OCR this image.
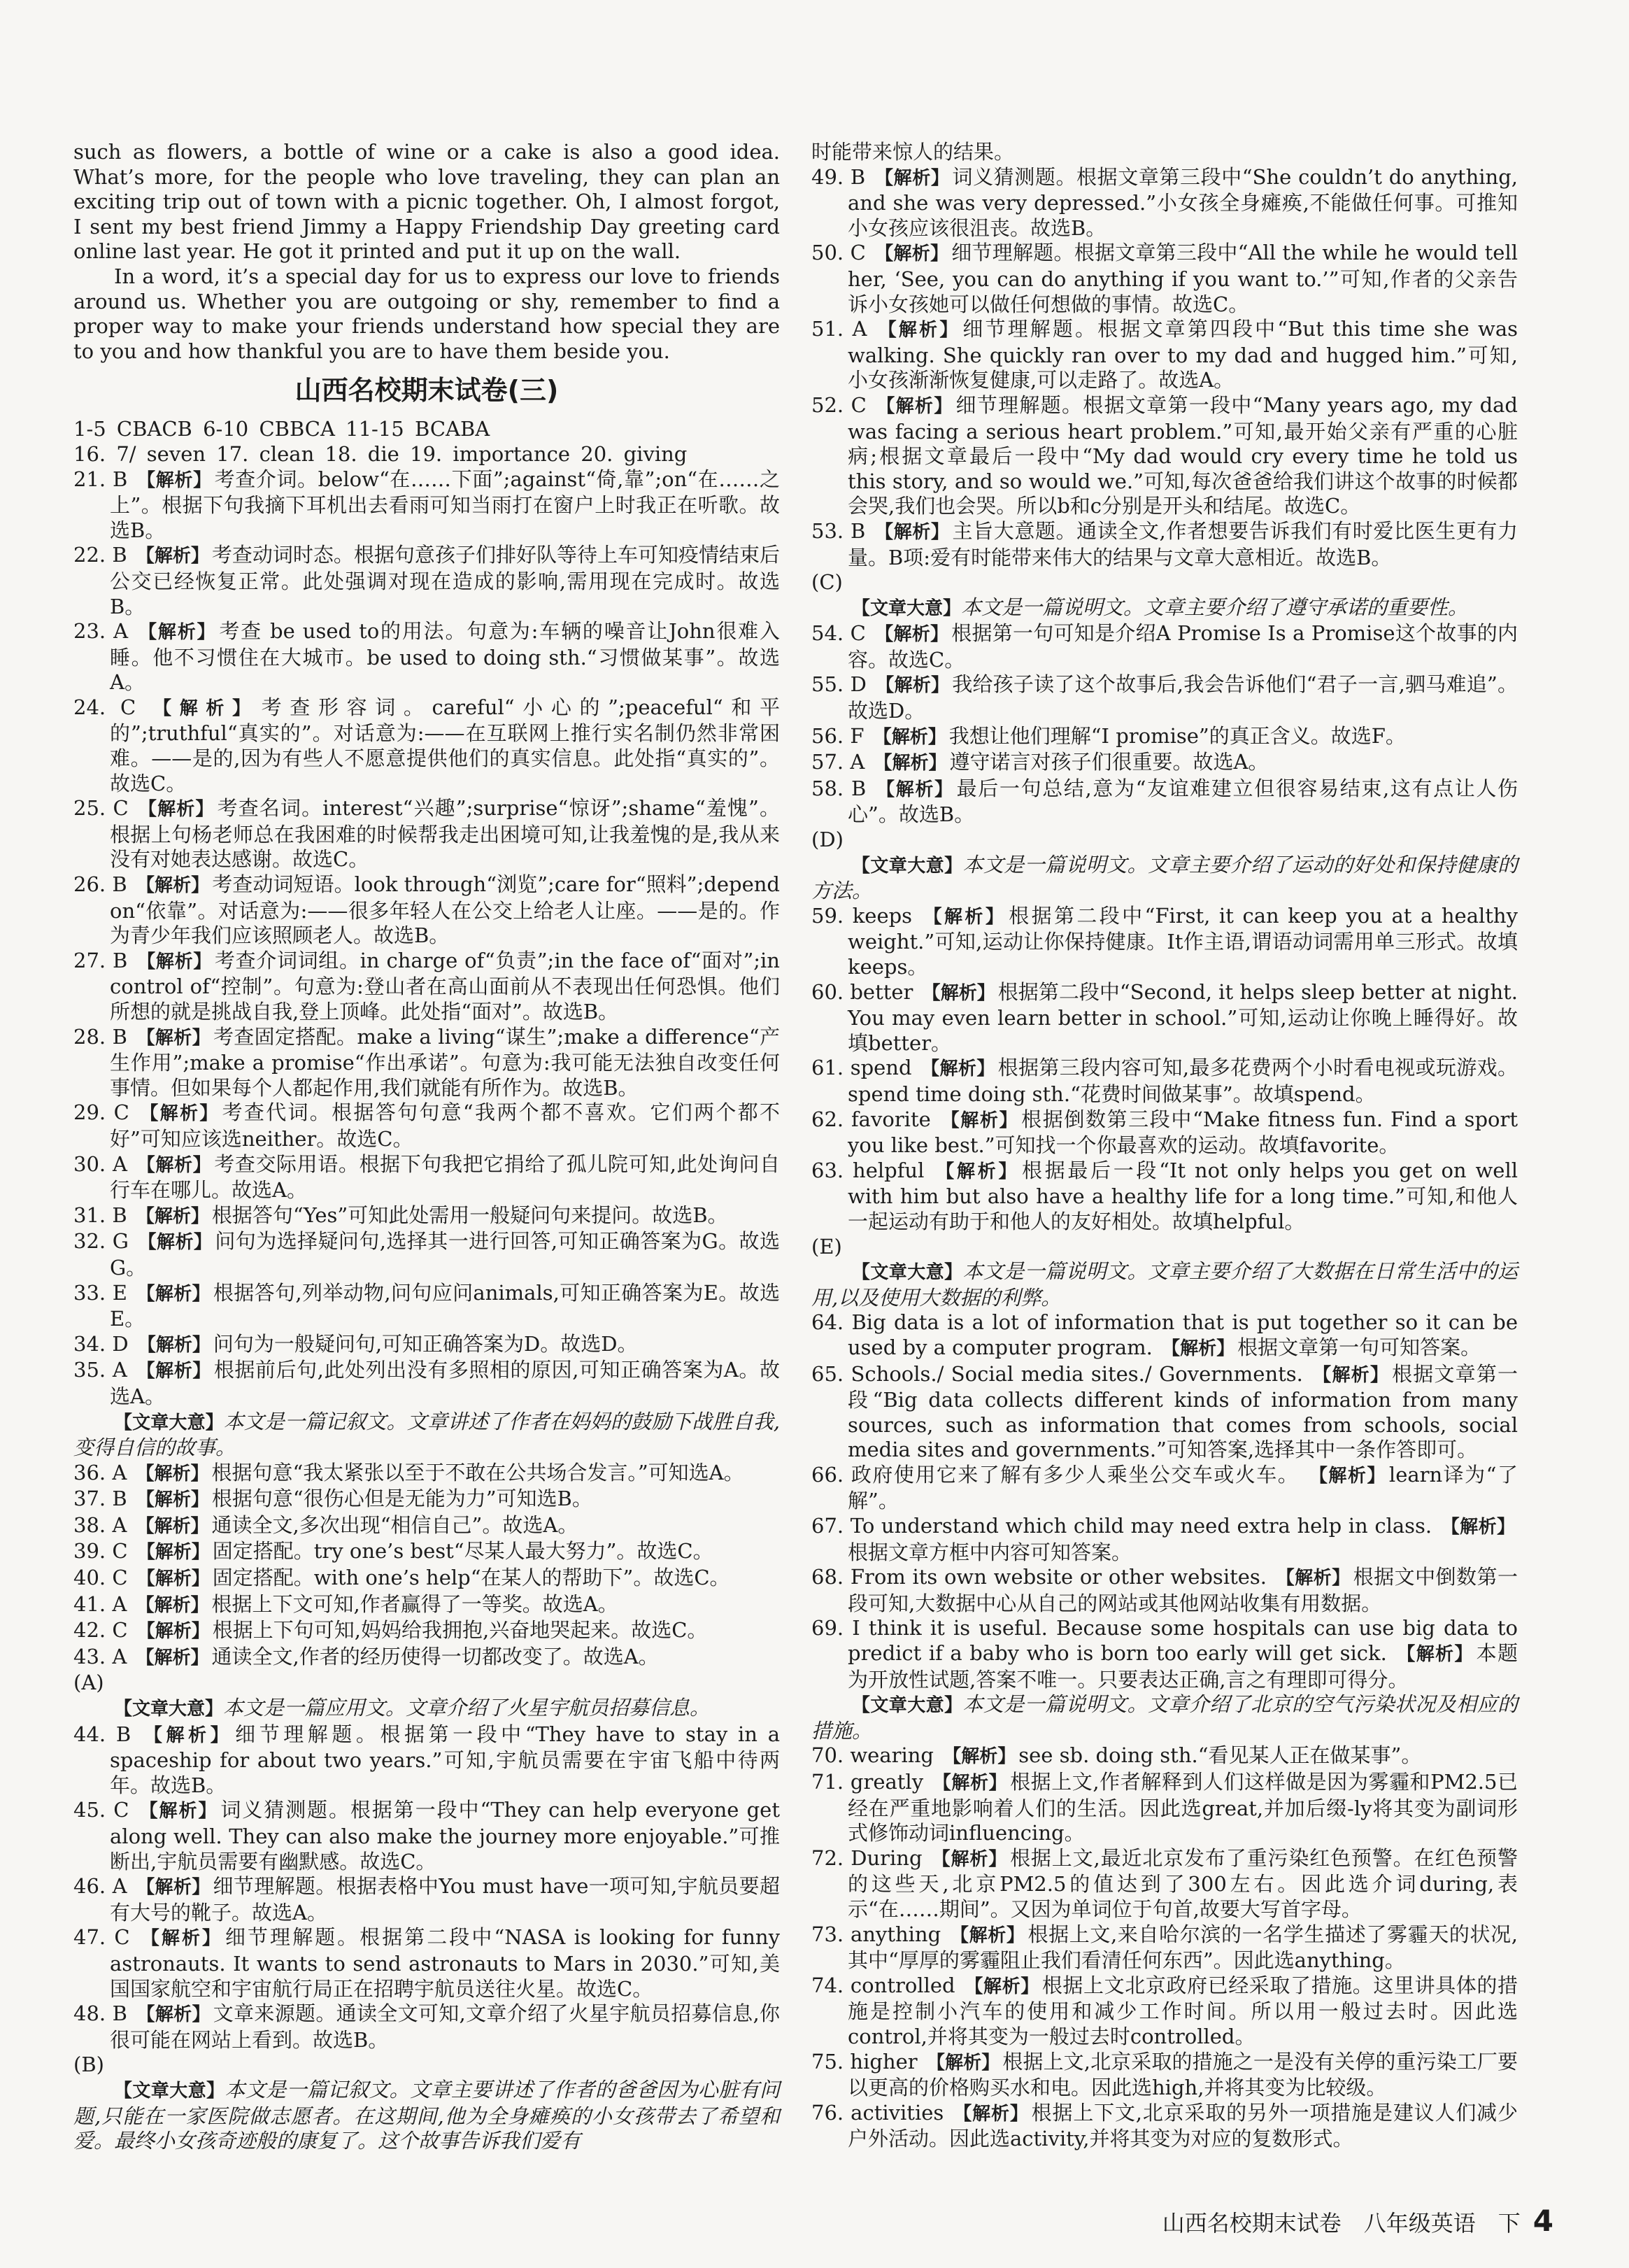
such as flowers, a bottle of wine or a cake is also a good idea. What’s more, for the people who love traveling, they can plan an exciting trip out of town with a picnic together. Oh, I almost forgot, I sent my best friend Jimmy a Happy Friendship Day greeting card online last year. He got it printed and put it up on the wall.

In a word, it’s a special day for us to express our love to friends around us. Whether you are outgoing or shy, remember to find a proper way to make your friends understand how special they are to you and how thankful you are to have them beside you.

山西名校期末试卷(三)

1-5 CBACB 6-10 CBBCA 11-15 BCABA

16. 7/ seven 17. clean 18. die 19. importance 20. giving

21. B 【解析】 考查介词。below“在……下面”;against“倚,靠”;on“在……之上”。根据下句我摘下耳机出去看雨可知当雨打在窗户上时我正在听歌。故选B。

22. B 【解析】 考查动词时态。根据句意孩子们排好队等待上车可知疫情结束后公交已经恢复正常。此处强调对现在造成的影响,需用现在完成时。故选B。

23. A 【解析】 考查 be used to的用法。句意为:车辆的噪音让John很难入睡。他不习惯住在大城市。be used to doing sth.“习惯做某事”。故选A。

24. C 【解析】 考查形容词。careful“小心的”;peaceful“和平的”;truthful“真实的”。对话意为:——在互联网上推行实名制仍然非常困难。——是的,因为有些人不愿意提供他们的真实信息。此处指“真实的”。故选C。

25. C 【解析】 考查名词。interest“兴趣”;surprise“惊讶”;shame“羞愧”。根据上句杨老师总在我困难的时候帮我走出困境可知,让我羞愧的是,我从来没有对她表达感谢。故选C。

26. B 【解析】 考查动词短语。look through“浏览”;care for“照料”;depend on“依靠”。对话意为:——很多年轻人在公交上给老人让座。——是的。作为青少年我们应该照顾老人。故选B。

27. B 【解析】 考查介词词组。in charge of“负责”;in the face of“面对”;in control of“控制”。句意为:登山者在高山面前从不表现出任何恐惧。他们所想的就是挑战自我,登上顶峰。此处指“面对”。故选B。

28. B 【解析】 考查固定搭配。make a living“谋生”;make a difference“产生作用”;make a promise“作出承诺”。句意为:我可能无法独自改变任何事情。但如果每个人都起作用,我们就能有所作为。故选B。

29. C 【解析】 考查代词。根据答句句意“我两个都不喜欢。它们两个都不好”可知应该选neither。故选C。

30. A 【解析】 考查交际用语。根据下句我把它捐给了孤儿院可知,此处询问自行车在哪儿。故选A。

31. B 【解析】 根据答句“Yes”可知此处需用一般疑问句来提问。故选B。

32. G 【解析】 问句为选择疑问句,选择其一进行回答,可知正确答案为G。故选G。

33. E 【解析】 根据答句,列举动物,问句应问animals,可知正确答案为E。故选E。

34. D 【解析】 问句为一般疑问句,可知正确答案为D。故选D。

35. A 【解析】 根据前后句,此处列出没有多照相的原因,可知正确答案为A。故选A。

【文章大意】本文是一篇记叙文。文章讲述了作者在妈妈的鼓励下战胜自我,变得自信的故事。

36. A 【解析】 根据句意“我太紧张以至于不敢在公共场合发言。”可知选A。

37. B 【解析】 根据句意“很伤心但是无能为力”可知选B。

38. A 【解析】 通读全文,多次出现“相信自己”。故选A。

39. C 【解析】 固定搭配。try one’s best“尽某人最大努力”。故选C。

40. C 【解析】 固定搭配。with one’s help“在某人的帮助下”。故选C。

41. A 【解析】 根据上下文可知,作者赢得了一等奖。故选A。

42. C 【解析】 根据上下句可知,妈妈给我拥抱,兴奋地哭起来。故选C。

43. A 【解析】 通读全文,作者的经历使得一切都改变了。故选A。

(A)

【文章大意】本文是一篇应用文。文章介绍了火星宇航员招募信息。

44. B 【解析】 细节理解题。根据第一段中“They have to stay in a spaceship for about two years.”可知,宇航员需要在宇宙飞船中待两年。故选B。

45. C 【解析】 词义猜测题。根据第一段中“They can help everyone get along well. They can also make the journey more enjoyable.”可推断出,宇航员需要有幽默感。故选C。

46. A 【解析】 细节理解题。根据表格中You must have一项可知,宇航员要超有大号的靴子。故选A。

47. C 【解析】 细节理解题。根据第二段中“NASA is looking for funny astronauts. It wants to send astronauts to Mars in 2030.”可知,美国国家航空和宇宙航行局正在招聘宇航员送往火星。故选C。

48. B 【解析】 文章来源题。通读全文可知,文章介绍了火星宇航员招募信息,你很可能在网站上看到。故选B。

(B)

【文章大意】本文是一篇记叙文。文章主要讲述了作者的爸爸因为心脏有问题,只能在一家医院做志愿者。在这期间,他为全身瘫痪的小女孩带去了希望和爱。最终小女孩奇迹般的康复了。这个故事告诉我们爱有

时能带来惊人的结果。

49. B 【解析】 词义猜测题。根据文章第三段中“She couldn’t do anything, and she was very depressed.”小女孩全身瘫痪,不能做任何事。可推知小女孩应该很沮丧。故选B。

50. C 【解析】 细节理解题。根据文章第三段中“All the while he would tell her, ‘See, you can do anything if you want to.’”可知,作者的父亲告诉小女孩她可以做任何想做的事情。故选C。

51. A 【解析】 细节理解题。根据文章第四段中“But this time she was walking. She quickly ran over to my dad and hugged him.”可知,小女孩渐渐恢复健康,可以走路了。故选A。

52. C 【解析】 细节理解题。根据文章第一段中“Many years ago, my dad was facing a serious heart problem.”可知,最开始父亲有严重的心脏病;根据文章最后一段中“My dad would cry every time he told us this story, and so would we.”可知,每次爸爸给我们讲这个故事的时候都会哭,我们也会哭。所以b和c分别是开头和结尾。故选C。

53. B 【解析】 主旨大意题。通读全文,作者想要告诉我们有时爱比医生更有力量。B项:爱有时能带来伟大的结果与文章大意相近。故选B。

(C)

【文章大意】本文是一篇说明文。文章主要介绍了遵守承诺的重要性。

54. C 【解析】 根据第一句可知是介绍A Promise Is a Promise这个故事的内容。故选C。

55. D 【解析】 我给孩子读了这个故事后,我会告诉他们“君子一言,驷马难追”。故选D。

56. F 【解析】 我想让他们理解“I promise”的真正含义。故选F。

57. A 【解析】 遵守诺言对孩子们很重要。故选A。

58. B 【解析】 最后一句总结,意为“友谊难建立但很容易结束,这有点让人伤心”。故选B。

(D)

【文章大意】本文是一篇说明文。文章主要介绍了运动的好处和保持健康的方法。

59. keeps 【解析】 根据第二段中“First, it can keep you at a healthy weight.”可知,运动让你保持健康。It作主语,谓语动词需用单三形式。故填keeps。

60. better 【解析】 根据第二段中“Second, it helps sleep better at night. You may even learn better in school.”可知,运动让你晚上睡得好。故填better。

61. spend 【解析】 根据第三段内容可知,最多花费两个小时看电视或玩游戏。spend time doing sth.“花费时间做某事”。故填spend。

62. favorite 【解析】 根据倒数第三段中“Make fitness fun. Find a sport you like best.”可知找一个你最喜欢的运动。故填favorite。

63. helpful 【解析】 根据最后一段“It not only helps you get on well with him but also have a healthy life for a long time.”可知,和他人一起运动有助于和他人的友好相处。故填helpful。

(E)

【文章大意】本文是一篇说明文。文章主要介绍了大数据在日常生活中的运用,以及使用大数据的利弊。

64. Big data is a lot of information that is put together so it can be used by a computer program. 【解析】 根据文章第一句可知答案。

65. Schools./ Social media sites./ Governments. 【解析】 根据文章第一段“Big data collects different kinds of information from many sources, such as information that comes from schools, social media sites and governments.”可知答案,选择其中一条作答即可。

66. 政府使用它来了解有多少人乘坐公交车或火车。 【解析】 learn译为“了解”。

67. To understand which child may need extra help in class. 【解析】根据文章方框中内容可知答案。

68. From its own website or other websites. 【解析】 根据文中倒数第一段可知,大数据中心从自己的网站或其他网站收集有用数据。

69. I think it is useful. Because some hospitals can use big data to predict if a baby who is born too early will get sick. 【解析】 本题为开放性试题,答案不唯一。只要表达正确,言之有理即可得分。

【文章大意】本文是一篇说明文。文章介绍了北京的空气污染状况及相应的措施。

70. wearing 【解析】 see sb. doing sth.“看见某人正在做某事”。

71. greatly 【解析】 根据上文,作者解释到人们这样做是因为雾霾和PM2.5已经在严重地影响着人们的生活。因此选great,并加后缀-ly将其变为副词形式修饰动词influencing。

72. During 【解析】 根据上文,最近北京发布了重污染红色预警。在红色预警的这些天,北京PM2.5的值达到了300左右。因此选介词during,表示“在……期间”。又因为单词位于句首,故要大写首字母。

73. anything 【解析】 根据上文,来自哈尔滨的一名学生描述了雾霾天的状况,其中“厚厚的雾霾阻止我们看清任何东西”。因此选anything。

74. controlled 【解析】 根据上文北京政府已经采取了措施。这里讲具体的措施是控制小汽车的使用和减少工作时间。所以用一般过去时。因此选control,并将其变为一般过去时controlled。

75. higher 【解析】 根据上文,北京采取的措施之一是没有关停的重污染工厂要以更高的价格购买水和电。因此选high,并将其变为比较级。

76. activities 【解析】 根据上下文,北京采取的另外一项措施是建议人们减少户外活动。因此选activity,并将其变为对应的复数形式。

山西名校期末试卷　八年级英语　下 4
